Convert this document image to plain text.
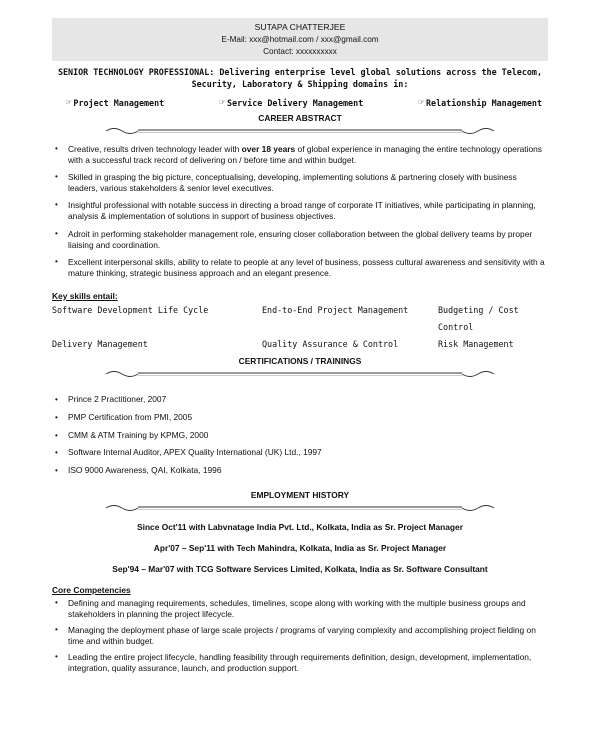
SUTAPA CHATTERJEE
E-Mail: xxx@hotmail.com / xxx@gmail.com
Contact: xxxxxxxxxx
SENIOR TECHNOLOGY PROFESSIONAL: Delivering enterprise level global solutions across the Telecom, Security, Laboratory & Shipping domains in:
☞ Project Management	☞ Service Delivery Management	☞ Relationship Management
CAREER ABSTRACT
• Creative, results driven technology leader with over 18 years of global experience in managing the entire technology operations with a successful track record of delivering on / before time and within budget.
• Skilled in grasping the big picture, conceptualising, developing, implementing solutions & partnering closely with business leaders, various stakeholders & senior level executives.
• Insightful professional with notable success in directing a broad range of corporate IT initiatives, while participating in planning, analysis & implementation of solutions in support of business objectives.
• Adroit in performing stakeholder management role, ensuring closer collaboration between the global delivery teams by proper liaising and coordination.
• Excellent interpersonal skills, ability to relate to people at any level of business, possess cultural awareness and sensitivity with a mature thinking, strategic business approach and an elegant presence.
Key skills entail:
Software Development Life Cycle	End-to-End Project Management	Budgeting / Cost Control
Delivery Management	Quality Assurance & Control	Risk Management
CERTIFICATIONS / TRAININGS
• Prince 2 Practitioner, 2007
• PMP Certification from PMI, 2005
• CMM & ATM Training by KPMG, 2000
• Software Internal Auditor, APEX Quality International (UK) Ltd., 1997
• ISO 9000 Awareness, QAI, Kolkata, 1996
EMPLOYMENT HISTORY
Since Oct'11 with Labvnatage India Pvt. Ltd., Kolkata, India as Sr. Project Manager
Apr'07 – Sep'11 with Tech Mahindra, Kolkata, India as Sr. Project Manager
Sep'94 – Mar'07 with TCG Software Services Limited, Kolkata, India as Sr. Software Consultant
Core Competencies
• Defining and managing requirements, schedules, timelines, scope along with working with the multiple business groups and stakeholders in planning the project lifecycle.
• Managing the deployment phase of large scale projects / programs of varying complexity and accomplishing project fielding on time and within budget.
• Leading the entire project lifecycle, handling feasibility through requirements definition, design, development, implementation, integration, quality assurance, launch, and production support.
